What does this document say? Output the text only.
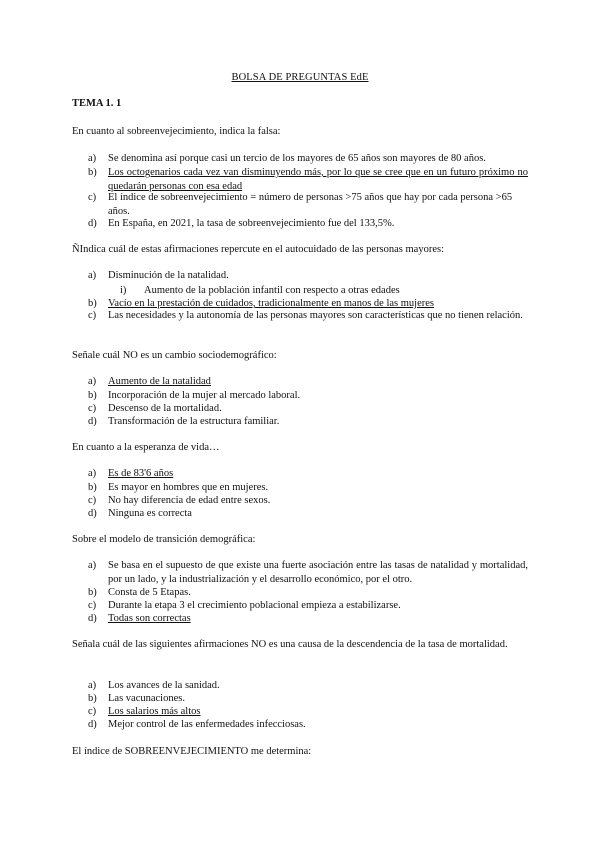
BOLSA DE PREGUNTAS EdE
TEMA 1. 1
En cuanto al sobreenvejecimiento, indica la falsa:
a)	Se denomina así porque casi un tercio de los mayores de 65 años son mayores de 80 años.
b)	Los octogenarios cada vez van disminuyendo más, por lo que se cree que en un futuro próximo no quedarán personas con esa edad
c)	El índice de sobreenvejecimiento = número de personas >75 años que hay por cada persona >65 años.
d)	En España, en 2021, la tasa de sobreenvejecimiento fue del 133,5%.
ÑIndica cuál de estas afirmaciones repercute en el autocuidado de las personas mayores:
a)	Disminución de la natalidad.
i) Aumento de la población infantil con respecto a otras edades
b)	Vacío en la prestación de cuidados, tradicionalmente en manos de las mujeres
c)	Las necesidades y la autonomía de las personas mayores son características que no tienen relación.
Señale cuál NO es un cambio sociodemográfico:
a)	Aumento de la natalidad
b)	Incorporación de la mujer al mercado laboral.
c)	Descenso de la mortalidad.
d)	Transformación de la estructura familiar.
En cuanto a la esperanza de vida…
a)	Es de 83'6 años
b)	Es mayor en hombres que en mujeres.
c)	No hay diferencia de edad entre sexos.
d)	Ninguna es correcta
Sobre el modelo de transición demográfica:
a)	Se basa en el supuesto de que existe una fuerte asociación entre las tasas de natalidad y mortalidad, por un lado, y la industrialización y el desarrollo económico, por el otro.
b)	Consta de 5 Etapas.
c)	Durante la etapa 3 el crecimiento poblacional empieza a estabilizarse.
d)	Todas son correctas
Señala cuál de las siguientes afirmaciones NO es una causa de la descendencia de la tasa de mortalidad.
a)	Los avances de la sanidad.
b)	Las vacunaciones.
c)	Los salarios más altos
d)	Mejor control de las enfermedades infecciosas.
El índice de SOBREENVEJECIMIENTO me determina:
